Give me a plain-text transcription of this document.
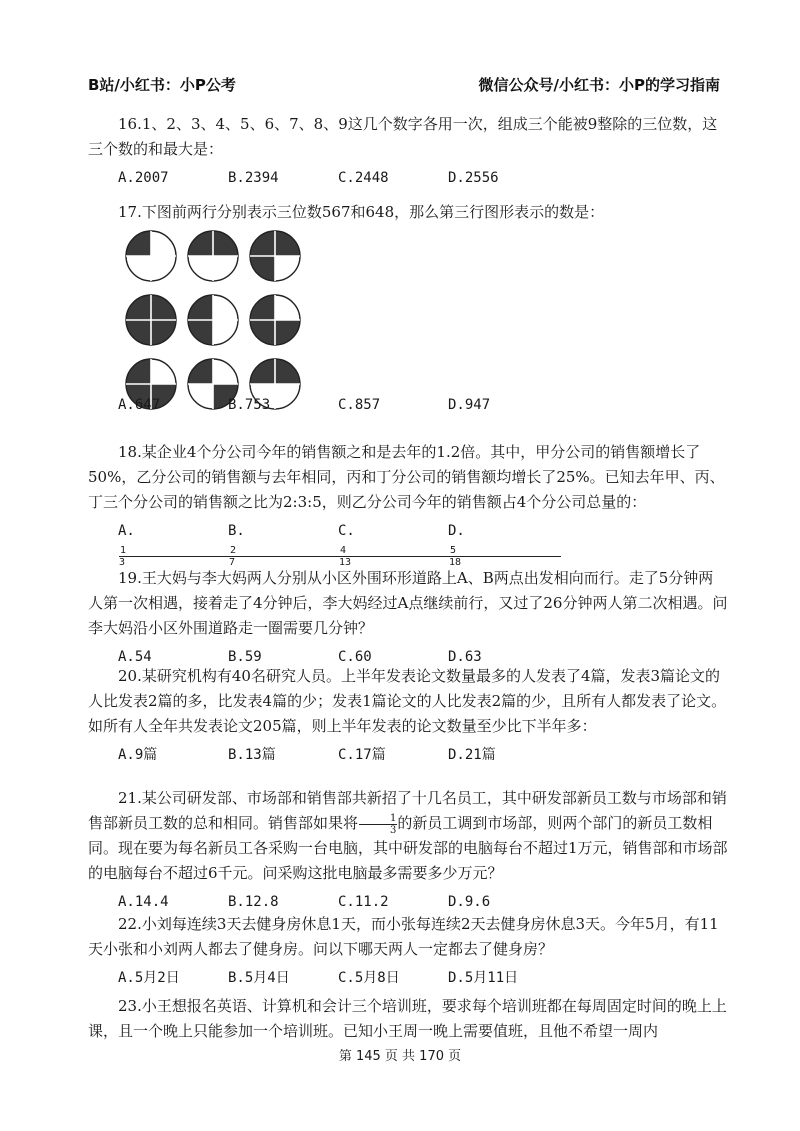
B站/小红书：小P公考	微信公众号/小红书：小P的学习指南

16.1、2、3、4、5、6、7、8、9这几个数字各用一次，组成三个能被9整除的三位数，这三个数的和最大是：

A.2007	B.2394	C.2448	D.2556

17.下图前两行分别表示三位数567和648，那么第三行图形表示的数是：

A.647	B.753	C.857	D.947

18.某企业4个分公司今年的销售额之和是去年的1.2倍。其中，甲分公司的销售额增长了50%，乙分公司的销售额与去年相同，丙和丁分公司的销售额均增长了25%。已知去年甲、丙、丁三个分公司的销售额之比为2:3:5，则乙分公司今年的销售额占4个分公司总量的：

$A.\frac{1}{3}$
$B.\frac{2}{7}$
$C.\frac{4}{13}$
$D.\frac{5}{18}$

19.王大妈与李大妈两人分别从小区外围环形道路上A、B两点出发相向而行。走了5分钟两人第一次相遇，接着走了4分钟后，李大妈经过A点继续前行，又过了26分钟两人第二次相遇。问李大妈沿小区外围道路走一圈需要几分钟？

A.54	B.59	C.60	D.63

20.某研究机构有40名研究人员。上半年发表论文数量最多的人发表了4篇，发表3篇论文的人比发表2篇的多，比发表4篇的少；发表1篇论文的人比发表2篇的少，且所有人都发表了论文。如所有人全年共发表论文205篇，则上半年发表的论文数量至少比下半年多：

A.9篇	B.13篇	C.17篇	D.21篇

21.某公司研发部、市场部和销售部共新招了十几名员工，其中研发部新员工数与市场部和销售部新员工数的总和相同。销售部如果将 $\frac{1}{3}$ 的新员工调到市场部，则两个部门的新员工数相同。现在要为每名新员工各采购一台电脑，其中研发部的电脑每台不超过1万元，销售部和市场部的电脑每台不超过6千元。问采购这批电脑最多需要多少万元？

A.14.4	B.12.8	C.11.2	D.9.6

22.小刘每连续3天去健身房休息1天，而小张每连续2天去健身房休息3天。今年5月，有11天小张和小刘两人都去了健身房。问以下哪天两人一定都去了健身房？

A.5月2日	B.5月4日	C.5月8日	D.5月11日

23.小王想报名英语、计算机和会计三个培训班，要求每个培训班都在每周固定时间的晚上上课，且一个晚上只能参加一个培训班。已知小王周一晚上需要值班，且他不希望一周内

第 145 页 共 170 页
